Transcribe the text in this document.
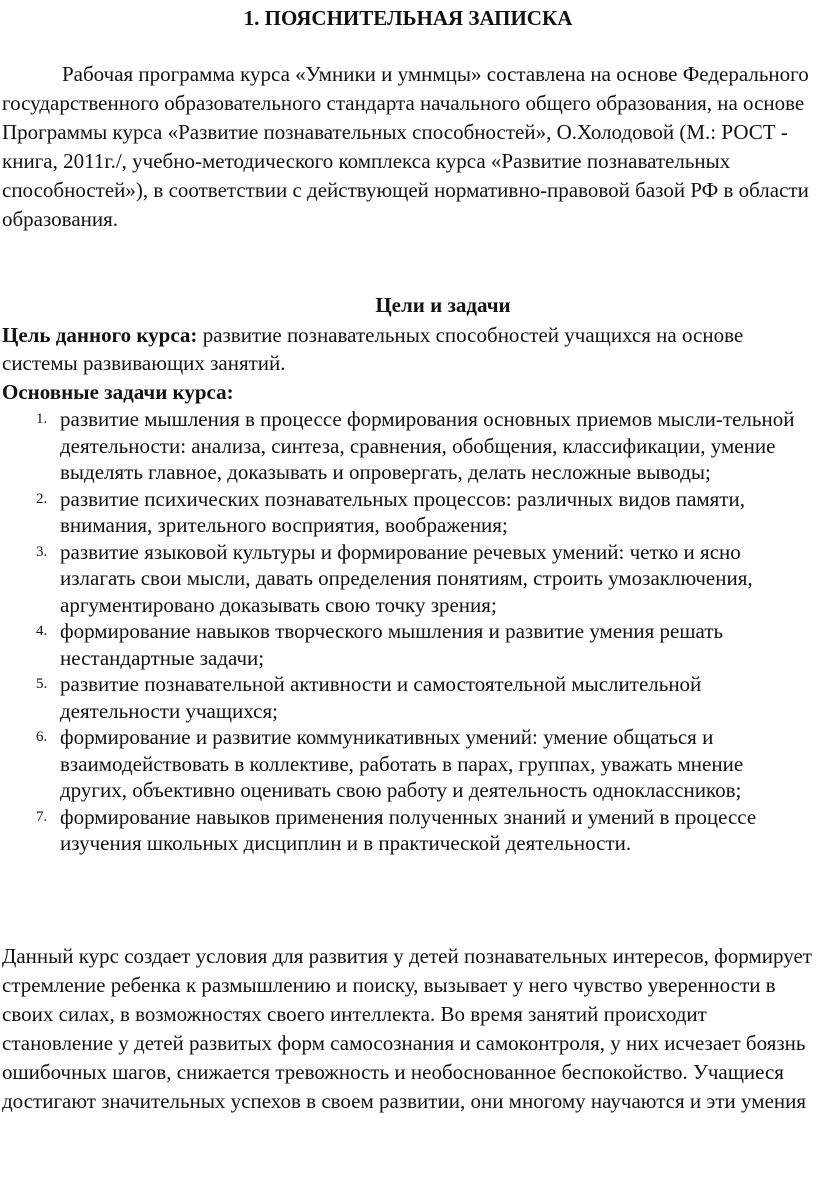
1. ПОЯСНИТЕЛЬНАЯ ЗАПИСКА

Рабочая программа курса «Умники и умнмцы» составлена на основе Федерального государственного образовательного стандарта начального общего образования, на основе Программы курса «Развитие познавательных способностей», О.Холодовой (М.: РОСТ - книга, 2011г./, учебно-методического комплекса курса «Развитие познавательных способностей»), в соответствии с действующей нормативно-правовой базой РФ в области образования.

Цели и задачи

Цель данного курса: развитие познавательных способностей учащихся на основе системы развивающих занятий.

Основные задачи курса:
развитие мышления в процессе формирования основных приемов мысли-тельной деятельности: анализа, синтеза, сравнения, обобщения, классификации, умение выделять главное, доказывать и опровергать, делать несложные выводы;
развитие психических познавательных процессов: различных видов памяти, внимания, зрительного восприятия, воображения;
развитие языковой культуры и формирование речевых умений: четко и ясно излагать свои мысли, давать определения понятиям, строить умозаключения, аргументировано доказывать свою точку зрения;
формирование навыков творческого мышления и развитие умения решать нестандартные задачи;
развитие познавательной активности и самостоятельной мыслительной деятельности учащихся;
формирование и развитие коммуникативных умений: умение общаться и взаимодействовать в коллективе, работать в парах, группах, уважать мнение других, объективно оценивать свою работу и деятельность одноклассников;
формирование навыков применения полученных знаний и умений в процессе изучения школьных дисциплин и в практической деятельности.

Данный курс создает условия для развития у детей познавательных интересов, формирует стремление ребенка к размышлению и поиску, вызывает у него чувство уверенности в своих силах, в возможностях своего интеллекта. Во время занятий происходит становление у детей развитых форм самосознания и самоконтроля, у них исчезает боязнь ошибочных шагов, снижается тревожность и необоснованное беспокойство. Учащиеся достигают значительных успехов в своем развитии, они многому научаются и эти умения
